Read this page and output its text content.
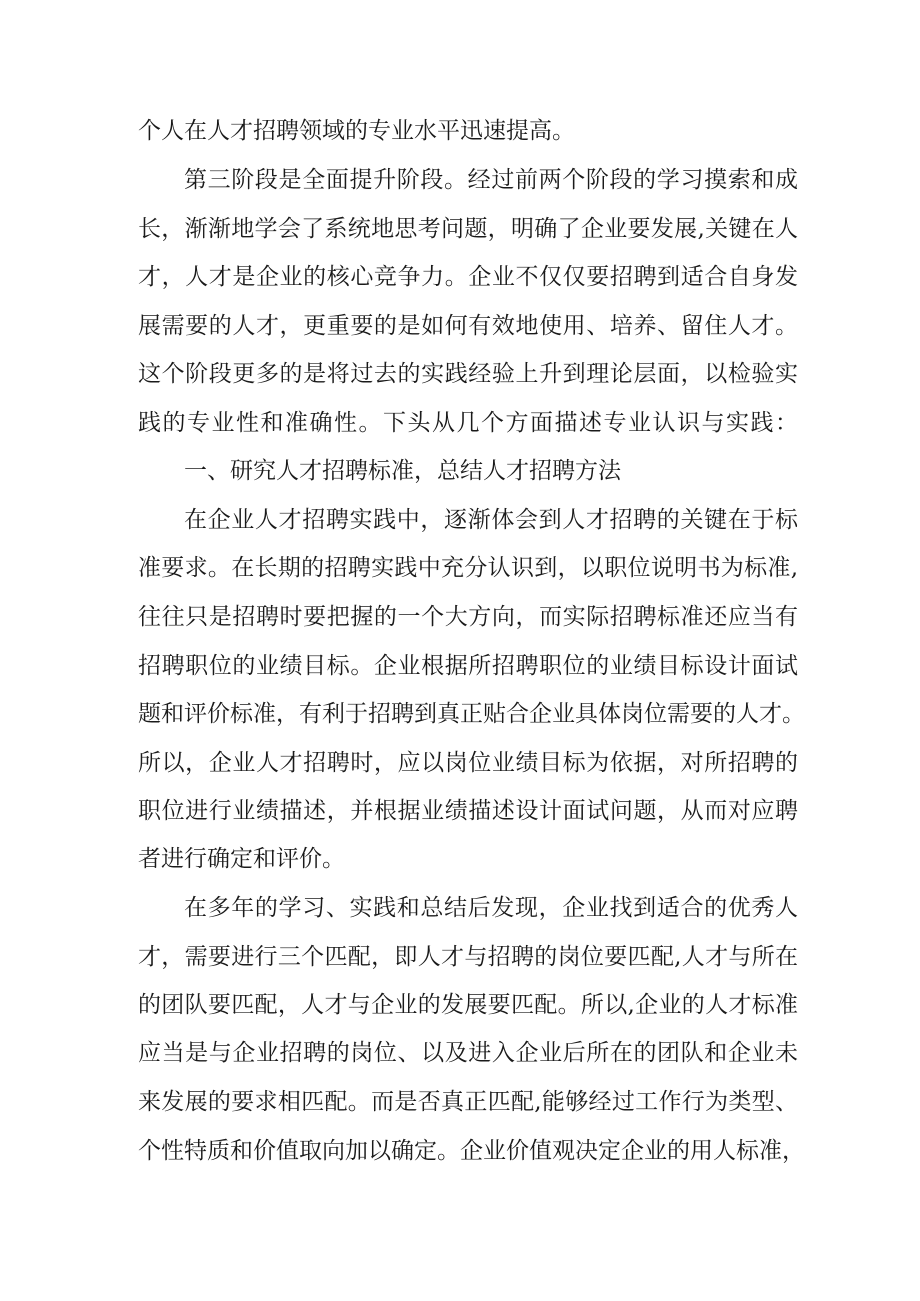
个人在人才招聘领域的专业水平迅速提高。
第三阶段是全面提升阶段。经过前两个阶段的学习摸索和成
长，渐渐地学会了系统地思考问题，明确了企业要发展,关键在人
才，人才是企业的核心竞争力。企业不仅仅要招聘到适合自身发
展需要的人才，更重要的是如何有效地使用、培养、留住人才。
这个阶段更多的是将过去的实践经验上升到理论层面，以检验实
践的专业性和准确性。下头从几个方面描述专业认识与实践：
一、研究人才招聘标准，总结人才招聘方法
在企业人才招聘实践中，逐渐体会到人才招聘的关键在于标
准要求。在长期的招聘实践中充分认识到，以职位说明书为标准,
往往只是招聘时要把握的一个大方向，而实际招聘标准还应当有
招聘职位的业绩目标。企业根据所招聘职位的业绩目标设计面试
题和评价标准，有利于招聘到真正贴合企业具体岗位需要的人才。
所以，企业人才招聘时，应以岗位业绩目标为依据，对所招聘的
职位进行业绩描述，并根据业绩描述设计面试问题，从而对应聘
者进行确定和评价。
在多年的学习、实践和总结后发现，企业找到适合的优秀人
才，需要进行三个匹配，即人才与招聘的岗位要匹配,人才与所在
的团队要匹配，人才与企业的发展要匹配。所以,企业的人才标准
应当是与企业招聘的岗位、以及进入企业后所在的团队和企业未
来发展的要求相匹配。而是否真正匹配,能够经过工作行为类型、
个性特质和价值取向加以确定。企业价值观决定企业的用人标准，
